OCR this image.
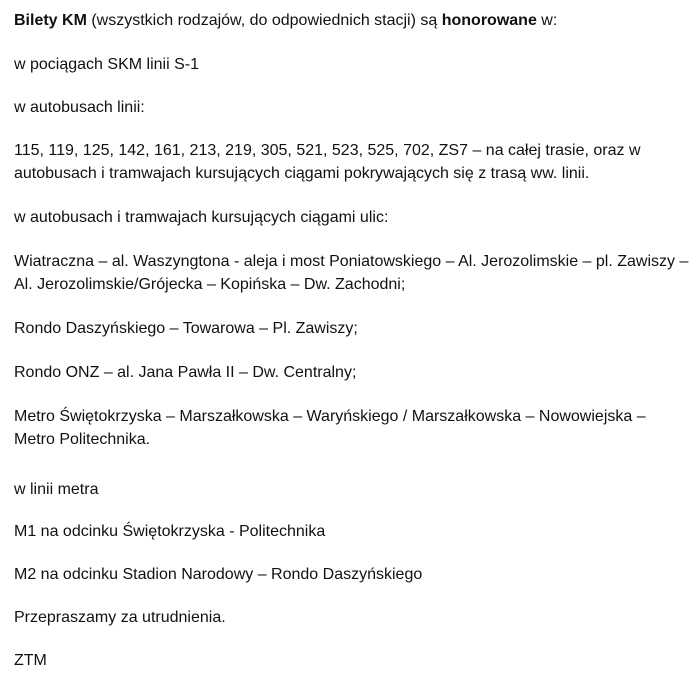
Bilety KM (wszystkich rodzajów, do odpowiednich stacji) są honorowane w:

w pociągach SKM linii S-1

w autobusach linii:

115, 119, 125, 142, 161, 213, 219, 305, 521, 523, 525, 702, ZS7 – na całej trasie, oraz w autobusach i tramwajach kursujących ciągami pokrywających się z trasą ww. linii.

w autobusach i tramwajach kursujących ciągami ulic:

Wiatraczna – al. Waszyngtona - aleja i most Poniatowskiego – Al. Jerozolimskie – pl. Zawiszy – Al. Jerozolimskie/Grójecka – Kopińska – Dw. Zachodni;

Rondo Daszyńskiego – Towarowa – Pl. Zawiszy;

Rondo ONZ – al. Jana Pawła II – Dw. Centralny;

Metro Świętokrzyska – Marszałkowska – Waryńskiego / Marszałkowska – Nowowiejska – Metro Politechnika.

w linii metra

M1 na odcinku Świętokrzyska - Politechnika

M2 na odcinku Stadion Narodowy – Rondo Daszyńskiego

Przepraszamy za utrudnienia.

ZTM
